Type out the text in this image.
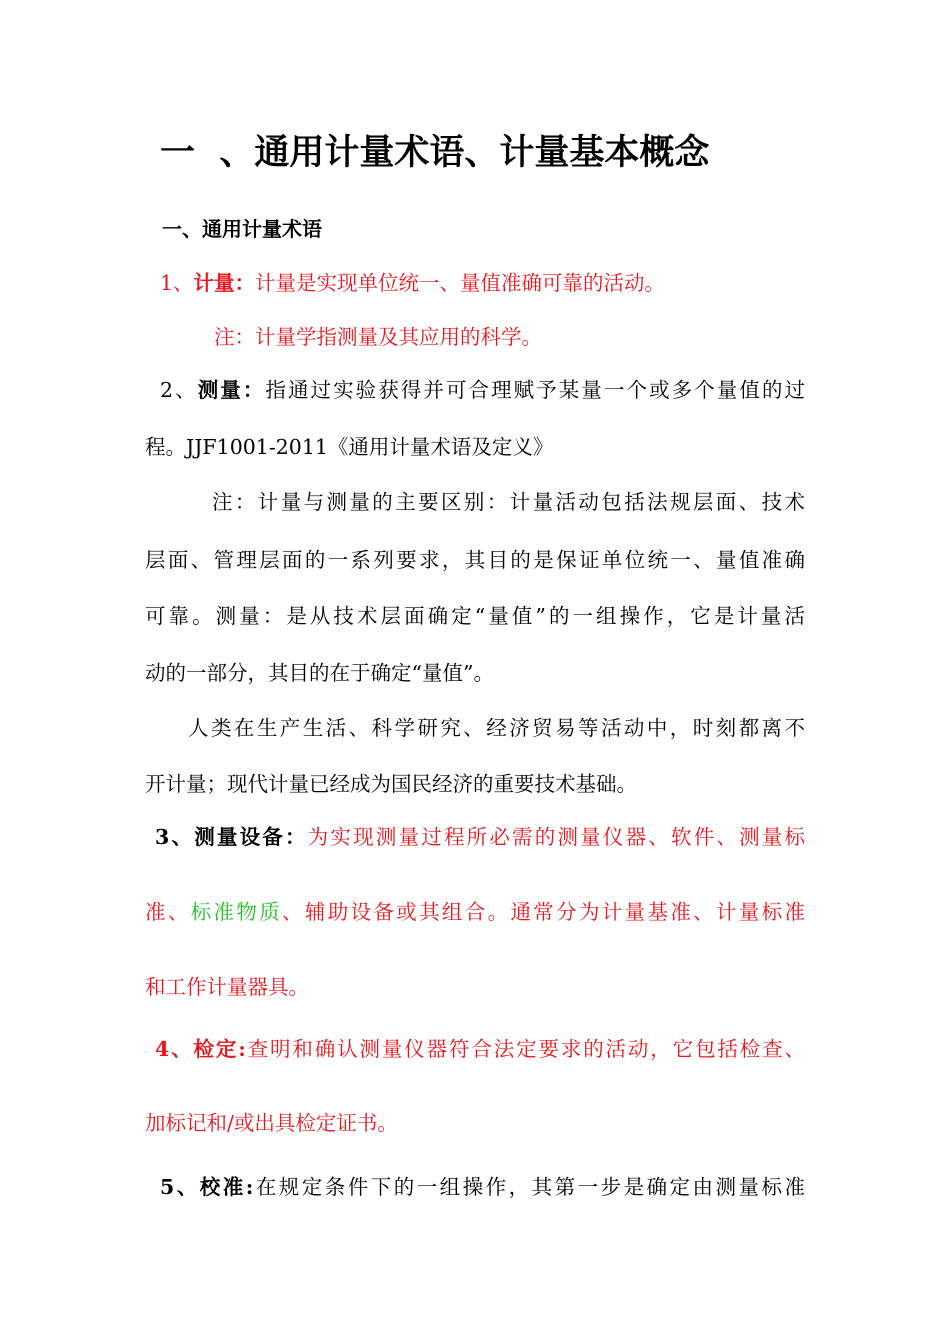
一 、通用计量术语、计量基本概念
一、通用计量术语
1、计量：计量是实现单位统一、量值准确可靠的活动。
注：计量学指测量及其应用的科学。
2、测量：指通过实验获得并可合理赋予某量一个或多个量值的过
程。JJF1001-2011《通用计量术语及定义》
注：计量与测量的主要区别：计量活动包括法规层面、技术
层面、管理层面的一系列要求，其目的是保证单位统一、量值准确
可靠。测量：是从技术层面确定“量值”的一组操作，它是计量活
动的一部分，其目的在于确定“量值”。
人类在生产生活、科学研究、经济贸易等活动中，时刻都离不
开计量；现代计量已经成为国民经济的重要技术基础。
3、测量设备：为实现测量过程所必需的测量仪器、软件、测量标
准、标准物质、辅助设备或其组合。通常分为计量基准、计量标准
和工作计量器具。
4、检定:查明和确认测量仪器符合法定要求的活动，它包括检查、
加标记和/或出具检定证书。
5、校准:在规定条件下的一组操作，其第一步是确定由测量标准
